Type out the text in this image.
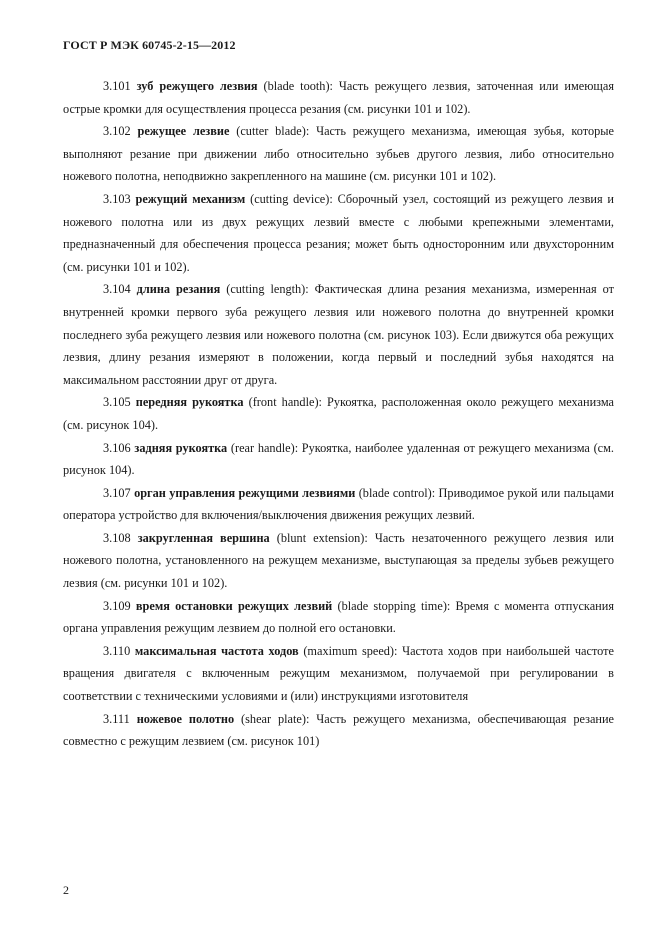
ГОСТ Р МЭК 60745-2-15—2012

3.101 зуб режущего лезвия (blade tooth): Часть режущего лезвия, заточенная или имеющая острые кромки для осуществления процесса резания (см. рисунки 101 и 102).

3.102 режущее лезвие (cutter blade): Часть режущего механизма, имеющая зубья, которые выполняют резание при движении либо относительно зубьев другого лезвия, либо относительно ножевого полотна, неподвижно закрепленного на машине (см. рисунки 101 и 102).

3.103 режущий механизм (cutting device): Сборочный узел, состоящий из режущего лезвия и ножевого полотна или из двух режущих лезвий вместе с любыми крепежными элементами, предназначенный для обеспечения процесса резания; может быть односторонним или двухсторонним (см. рисунки 101 и 102).

3.104 длина резания (cutting length): Фактическая длина резания механизма, измеренная от внутренней кромки первого зуба режущего лезвия или ножевого полотна до внутренней кромки последнего зуба режущего лезвия или ножевого полотна (см. рисунок 103). Если движутся оба режущих лезвия, длину резания измеряют в положении, когда первый и последний зубья находятся на максимальном расстоянии друг от друга.

3.105 передняя рукоятка (front handle): Рукоятка, расположенная около режущего механизма (см. рисунок 104).

3.106 задняя рукоятка (rear handle): Рукоятка, наиболее удаленная от режущего механизма (см. рисунок 104).

3.107 орган управления режущими лезвиями (blade control): Приводимое рукой или пальцами оператора устройство для включения/выключения движения режущих лезвий.

3.108 закругленная вершина (blunt extension): Часть незаточенного режущего лезвия или ножевого полотна, установленного на режущем механизме, выступающая за пределы зубьев режущего лезвия (см. рисунки 101 и 102).

3.109 время остановки режущих лезвий (blade stopping time): Время с момента отпускания органа управления режущим лезвием до полной его остановки.

3.110 максимальная частота ходов (maximum speed): Частота ходов при наибольшей частоте вращения двигателя с включенным режущим механизмом, получаемой при регулировании в соответствии с техническими условиями и (или) инструкциями изготовителя

3.111 ножевое полотно (shear plate): Часть режущего механизма, обеспечивающая резание совместно с режущим лезвием (см. рисунок 101)

2
